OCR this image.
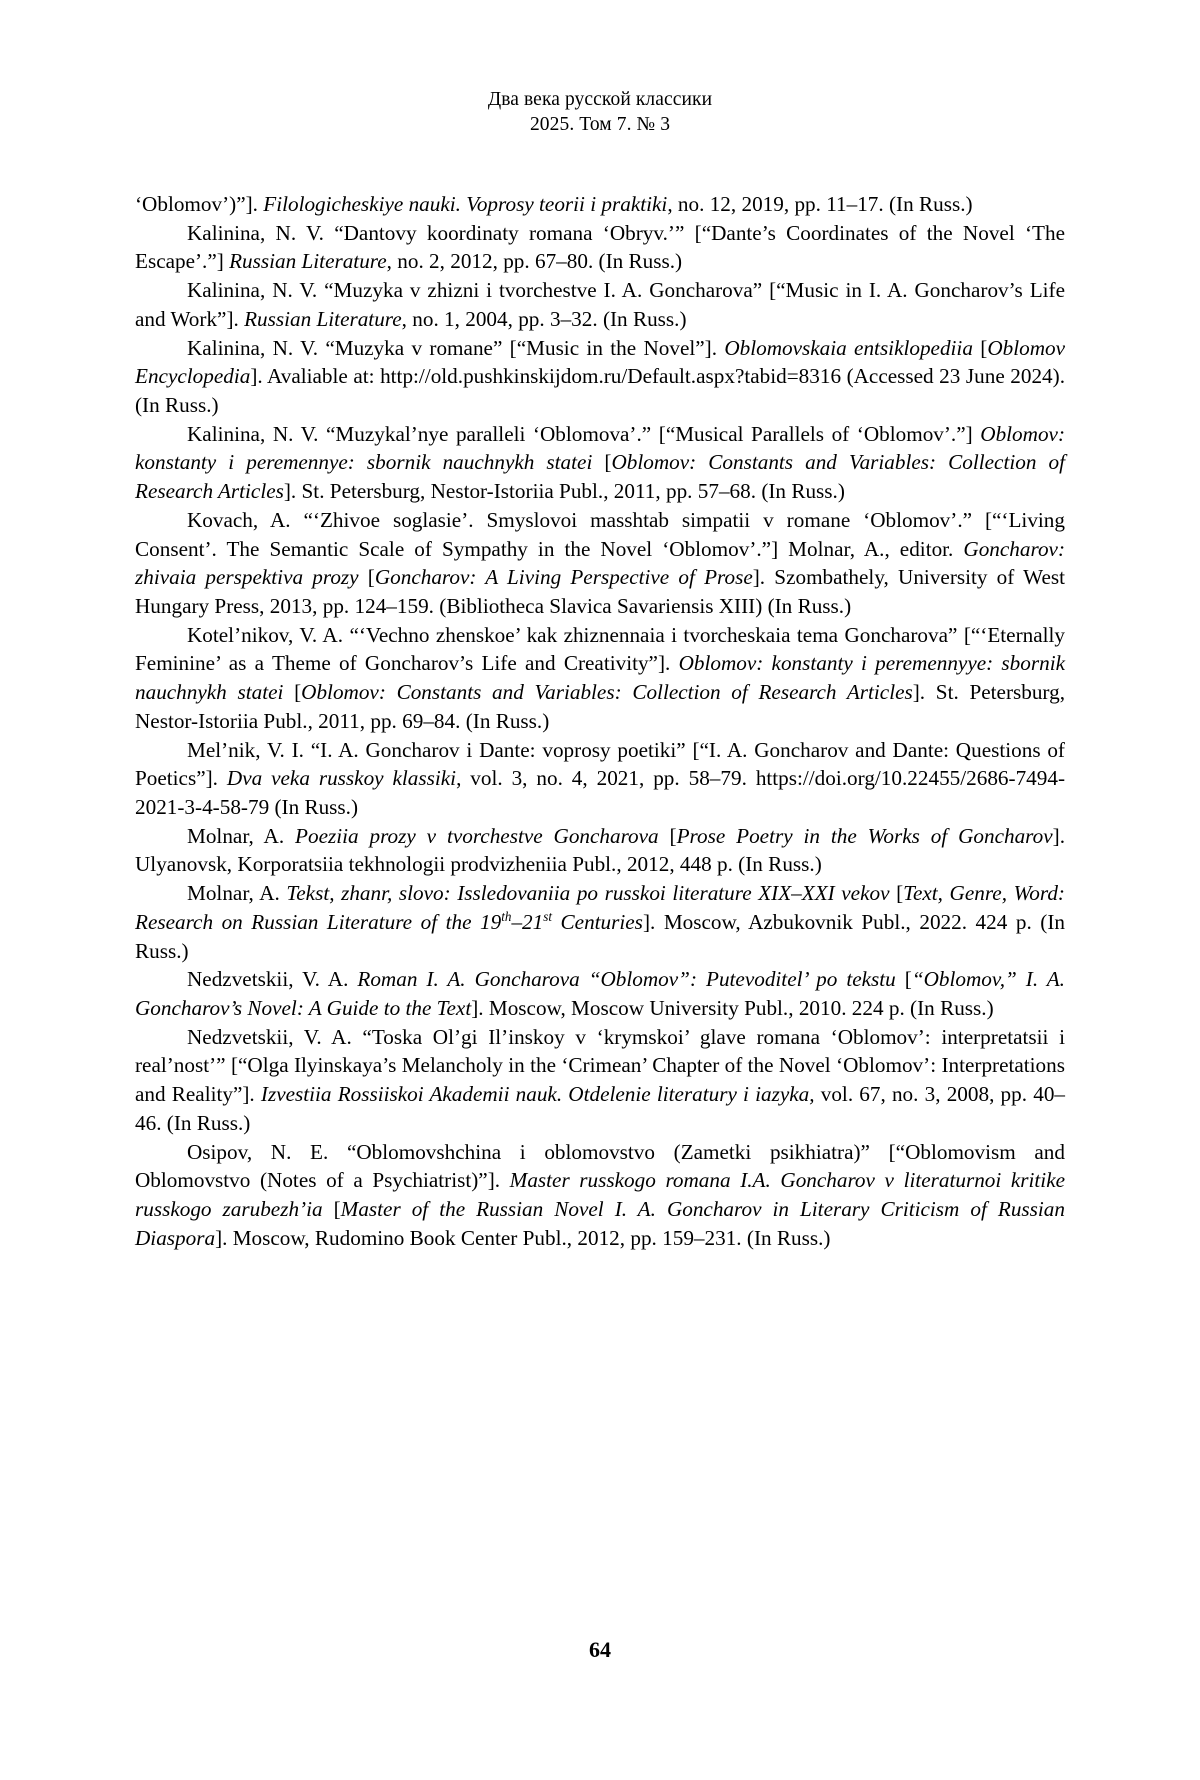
Два века русской классики
2025. Том 7. № 3

‘Oblomov’)”]. Filologicheskiye nauki. Voprosy teorii i praktiki, no. 12, 2019, pp. 11–17. (In Russ.)

Kalinina, N. V. “Dantovy koordinaty romana ‘Obryv.’” [“Dante’s Coordinates of the Novel ‘The Escape’.”] Russian Literature, no. 2, 2012, pp. 67–80. (In Russ.)

Kalinina, N. V. “Muzyka v zhizni i tvorchestve I. A. Goncharova” [“Music in I. A. Goncharov’s Life and Work”]. Russian Literature, no. 1, 2004, pp. 3–32. (In Russ.)

Kalinina, N. V. “Muzyka v romane” [“Music in the Novel”]. Oblomovskaia entsiklopediia [Oblomov Encyclopedia]. Avaliable at: http://old.pushkinskijdom.ru/Default.aspx?tabid=8316 (Accessed 23 June 2024). (In Russ.)

Kalinina, N. V. “Muzykal’nye paralleli ‘Oblomova’.” [“Musical Parallels of ‘Oblomov’.”] Oblomov: konstanty i peremennye: sbornik nauchnykh statei [Oblomov: Constants and Variables: Collection of Research Articles]. St. Petersburg, Nestor-Istoriia Publ., 2011, pp. 57–68. (In Russ.)

Kovach, A. “‘Zhivoe soglasie’. Smyslovoi masshtab simpatii v romane ‘Oblomov’.” [“‘Living Consent’. The Semantic Scale of Sympathy in the Novel ‘Oblomov’.”] Molnar, A., editor. Goncharov: zhivaia perspektiva prozy [Goncharov: A Living Perspective of Prose]. Szombathely, University of West Hungary Press, 2013, pp. 124–159. (Bibliotheca Slavica Savariensis XIII) (In Russ.)

Kotel’nikov, V. A. “‘Vechno zhenskoe’ kak zhiznennaia i tvorcheskaia tema Goncharova” [“‘Eternally Feminine’ as a Theme of Goncharov’s Life and Creativity”]. Oblomov: konstanty i peremennyye: sbornik nauchnykh statei [Oblomov: Constants and Variables: Collection of Research Articles]. St. Petersburg, Nestor-Istoriia Publ., 2011, pp. 69–84. (In Russ.)

Mel’nik, V. I. “I. A. Goncharov i Dante: voprosy poetiki” [“I. A. Goncharov and Dante: Questions of Poetics”]. Dva veka russkoy klassiki, vol. 3, no. 4, 2021, pp. 58–79. https://doi.org/10.22455/2686-7494-2021-3-4-58-79 (In Russ.)

Molnar, A. Poeziia prozy v tvorchestve Goncharova [Prose Poetry in the Works of Goncharov]. Ulyanovsk, Korporatsiia tekhnologii prodvizheniia Publ., 2012, 448 p. (In Russ.)

Molnar, A. Tekst, zhanr, slovo: Issledovaniia po russkoi literature XIX–XXI vekov [Text, Genre, Word: Research on Russian Literature of the 19th–21st Centuries]. Moscow, Azbukovnik Publ., 2022. 424 p. (In Russ.)

Nedzvetskii, V. A. Roman I. A. Goncharova “Oblomov”: Putevoditel’ po tekstu [“Oblomov,” I. A. Goncharov’s Novel: A Guide to the Text]. Moscow, Moscow University Publ., 2010. 224 p. (In Russ.)

Nedzvetskii, V. A. “Toska Ol’gi Il’inskoy v ‘krymskoi’ glave romana ‘Oblomov’: interpretatsii i real’nost’” [“Olga Ilyinskaya’s Melancholy in the ‘Crimean’ Chapter of the Novel ‘Oblomov’: Interpretations and Reality”]. Izvestiia Rossiiskoi Akademii nauk. Otdelenie literatury i iazyka, vol. 67, no. 3, 2008, pp. 40–46. (In Russ.)

Osipov, N. E. “Oblomovshchina i oblomovstvo (Zametki psikhiatra)” [“Oblomovism and Oblomovstvo (Notes of a Psychiatrist)”]. Master russkogo romana I.A. Goncharov v literaturnoi kritike russkogo zarubezh’ia [Master of the Russian Novel I. A. Goncharov in Literary Criticism of Russian Diaspora]. Moscow, Rudomino Book Center Publ., 2012, pp. 159–231. (In Russ.)

64
